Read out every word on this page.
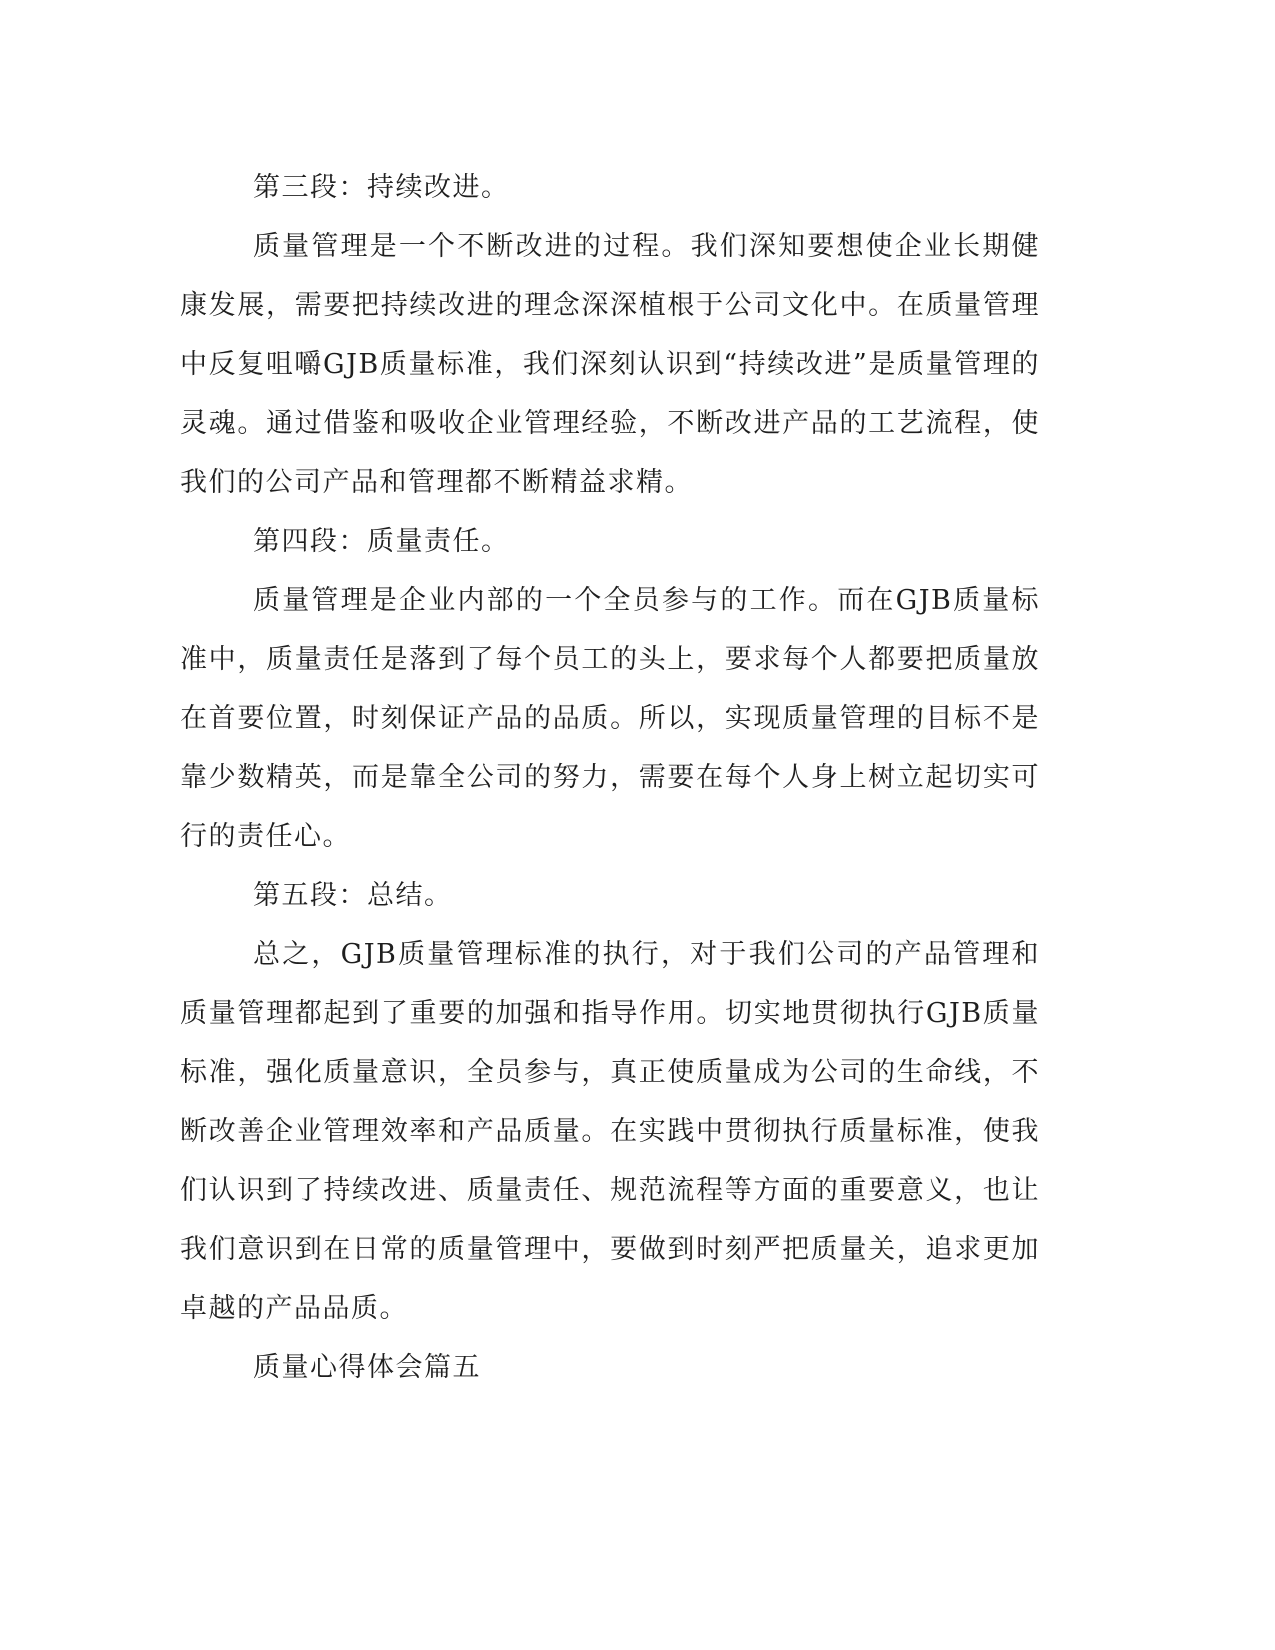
第三段：持续改进。

质量管理是一个不断改进的过程。我们深知要想使企业长期健康发展，需要把持续改进的理念深深植根于公司文化中。在质量管理中反复咀嚼GJB质量标准，我们深刻认识到“持续改进”是质量管理的灵魂。通过借鉴和吸收企业管理经验，不断改进产品的工艺流程，使我们的公司产品和管理都不断精益求精。

第四段：质量责任。

质量管理是企业内部的一个全员参与的工作。而在GJB质量标准中，质量责任是落到了每个员工的头上，要求每个人都要把质量放在首要位置，时刻保证产品的品质。所以，实现质量管理的目标不是靠少数精英，而是靠全公司的努力，需要在每个人身上树立起切实可行的责任心。

第五段：总结。

总之，GJB质量管理标准的执行，对于我们公司的产品管理和质量管理都起到了重要的加强和指导作用。切实地贯彻执行GJB质量标准，强化质量意识，全员参与，真正使质量成为公司的生命线，不断改善企业管理效率和产品质量。在实践中贯彻执行质量标准，使我们认识到了持续改进、质量责任、规范流程等方面的重要意义，也让我们意识到在日常的质量管理中，要做到时刻严把质量关，追求更加卓越的产品品质。

质量心得体会篇五
